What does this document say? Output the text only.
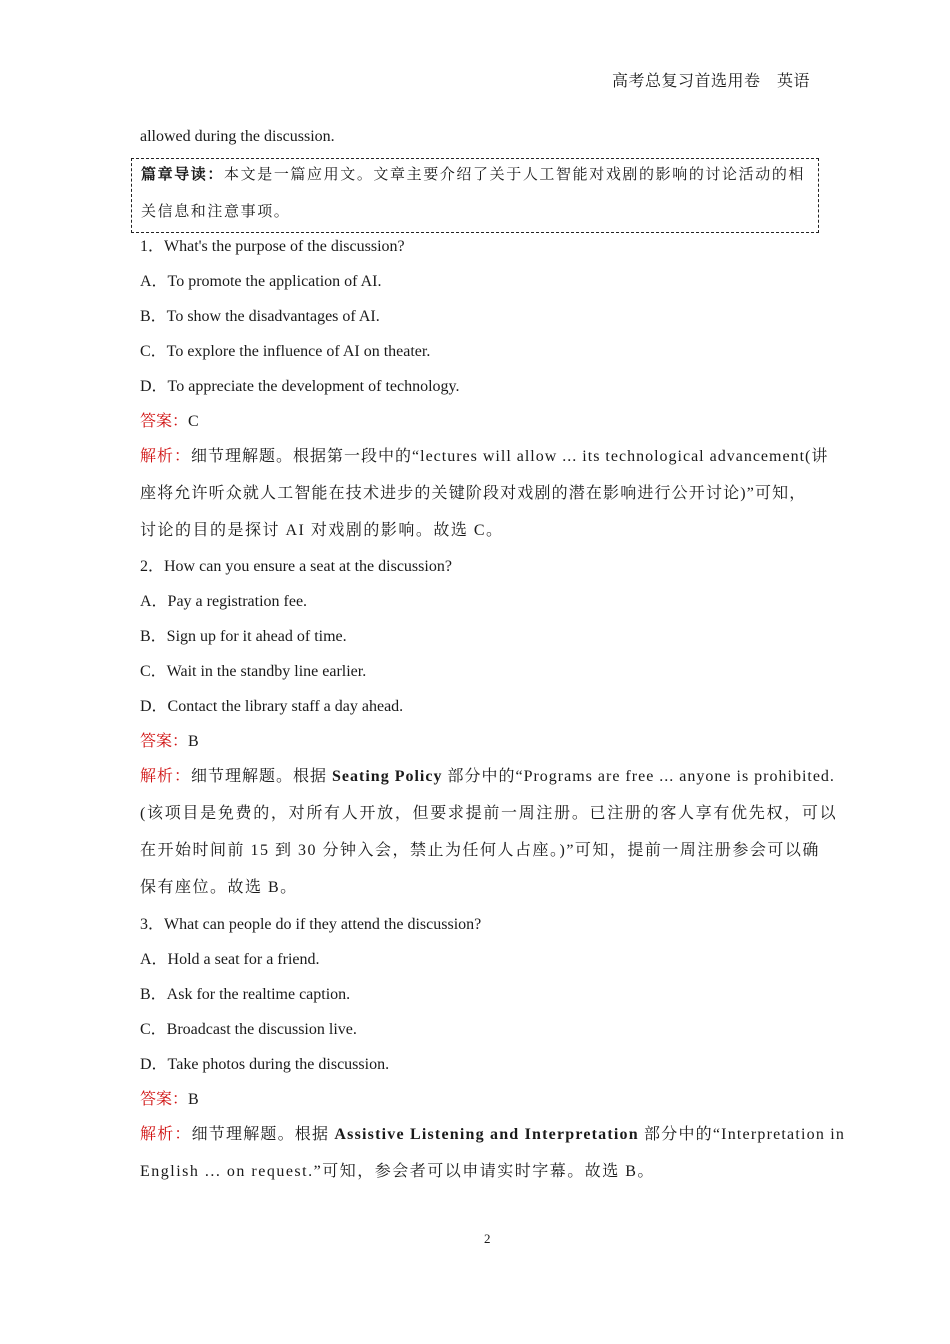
高考总复习首选用卷　英语
allowed during the discussion.
篇章导读：本文是一篇应用文。文章主要介绍了关于人工智能对戏剧的影响的讨论活动的相
关信息和注意事项。
1．What's the purpose of the discussion?
A．To promote the application of AI.
B．To show the disadvantages of AI.
C．To explore the influence of AI on theater.
D．To appreciate the development of technology.
答案：C
解析：细节理解题。根据第一段中的“lectures will allow ... its technological advancement(讲
座将允许听众就人工智能在技术进步的关键阶段对戏剧的潜在影响进行公开讨论)”可知，
讨论的目的是探讨 AI 对戏剧的影响。故选 C。
2．How can you ensure a seat at the discussion?
A．Pay a registration fee.
B．Sign up for it ahead of time.
C．Wait in the standby line earlier.
D．Contact the library staff a day ahead.
答案：B
解析：细节理解题。根据 Seating Policy 部分中的“Programs are free ... anyone is prohibited.
(该项目是免费的，对所有人开放，但要求提前一周注册。已注册的客人享有优先权，可以
在开始时间前 15 到 30 分钟入会，禁止为任何人占座。)”可知，提前一周注册参会可以确
保有座位。故选 B。
3．What can people do if they attend the discussion?
A．Hold a seat for a friend.
B．Ask for the realtime caption.
C．Broadcast the discussion live.
D．Take photos during the discussion.
答案：B
解析：细节理解题。根据 Assistive Listening and Interpretation 部分中的“Interpretation in
English ... on request.”可知，参会者可以申请实时字幕。故选 B。
2
